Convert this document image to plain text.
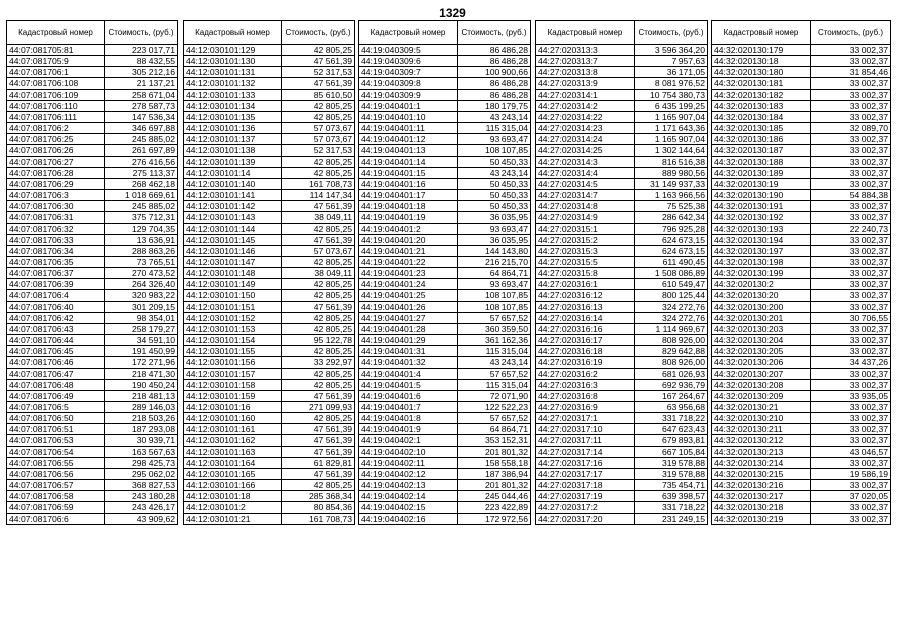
1329
Кадастровый номер	Стоимость, (руб.)
44:07:081705:81	223 017,71
44:07:081705:9	88 432,55
44:07:081706:1	305 212,16
44:07:081706:108	21 137,21
44:07:081706:109	258 671,04
44:07:081706:110	278 587,73
44:07:081706:111	147 536,34
44:07:081706:2	346 697,88
44:07:081706:25	245 885,02
44:07:081706:26	261 697,89
44:07:081706:27	276 416,56
44:07:081706:28	275 113,37
44:07:081706:29	268 462,18
44:07:081706:3	1 018 669,61
44:07:081706:30	245 885,02
44:07:081706:31	375 712,31
44:07:081706:32	129 704,35
44:07:081706:33	13 636,91
44:07:081706:34	288 863,26
44:07:081706:35	73 765,51
44:07:081706:37	270 473,52
44:07:081706:39	264 326,40
44:07:081706:4	320 983,22
44:07:081706:40	301 209,15
44:07:081706:42	98 354,01
44:07:081706:43	258 179,27
44:07:081706:44	34 591,10
44:07:081706:45	191 450,99
44:07:081706:46	172 271,96
44:07:081706:47	218 471,30
44:07:081706:48	190 450,24
44:07:081706:49	218 481,13
44:07:081706:5	289 146,03
44:07:081706:50	218 503,26
44:07:081706:51	187 293,08
44:07:081706:53	30 939,71
44:07:081706:54	163 567,63
44:07:081706:55	298 425,73
44:07:081706:56	295 062,02
44:07:081706:57	368 827,53
44:07:081706:58	243 180,28
44:07:081706:59	243 426,17
44:07:081706:6	43 909,62
Кадастровый номер	Стоимость, (руб.)
44:12:030101:129	42 805,25
44:12:030101:130	47 561,39
44:12:030101:131	52 317,53
44:12:030101:132	47 561,39
44:12:030101:133	85 610,50
44:12:030101:134	42 805,25
44:12:030101:135	42 805,25
44:12:030101:136	57 073,67
44:12:030101:137	57 073,67
44:12:030101:138	52 317,53
44:12:030101:139	42 805,25
44:12:030101:14	42 805,25
44:12:030101:140	161 708,73
44:12:030101:141	114 147,34
44:12:030101:142	47 561,39
44:12:030101:143	38 049,11
44:12:030101:144	42 805,25
44:12:030101:145	47 561,39
44:12:030101:146	57 073,67
44:12:030101:147	42 805,25
44:12:030101:148	38 049,11
44:12:030101:149	42 805,25
44:12:030101:150	42 805,25
44:12:030101:151	47 561,39
44:12:030101:152	42 805,25
44:12:030101:153	42 805,25
44:12:030101:154	95 122,78
44:12:030101:155	42 805,25
44:12:030101:156	33 292,97
44:12:030101:157	42 805,25
44:12:030101:158	42 805,25
44:12:030101:159	47 561,39
44:12:030101:16	271 099,93
44:12:030101:160	42 805,25
44:12:030101:161	47 561,39
44:12:030101:162	47 561,39
44:12:030101:163	47 561,39
44:12:030101:164	61 829,81
44:12:030101:165	47 561,39
44:12:030101:166	42 805,25
44:12:030101:18	285 368,34
44:12:030101:2	80 854,36
44:12:030101:21	161 708,73
Кадастровый номер	Стоимость, (руб.)
44:19:040309:5	86 486,28
44:19:040309:6	86 486,28
44:19:040309:7	100 900,66
44:19:040309:8	86 486,28
44:19:040309:9	86 486,28
44:19:040401:1	180 179,75
44:19:040401:10	43 243,14
44:19:040401:11	115 315,04
44:19:040401:12	93 693,47
44:19:040401:13	108 107,85
44:19:040401:14	50 450,33
44:19:040401:15	43 243,14
44:19:040401:16	50 450,33
44:19:040401:17	50 450,33
44:19:040401:18	50 450,33
44:19:040401:19	36 035,95
44:19:040401:2	93 693,47
44:19:040401:20	36 035,95
44:19:040401:21	144 143,80
44:19:040401:22	216 215,70
44:19:040401:23	64 864,71
44:19:040401:24	93 693,47
44:19:040401:25	108 107,85
44:19:040401:26	108 107,85
44:19:040401:27	57 657,52
44:19:040401:28	360 359,50
44:19:040401:29	361 162,36
44:19:040401:31	115 315,04
44:19:040401:32	43 243,14
44:19:040401:4	57 657,52
44:19:040401:5	115 315,04
44:19:040401:6	72 071,90
44:19:040401:7	122 522,23
44:19:040401:8	57 657,52
44:19:040401:9	64 864,71
44:19:040402:1	353 152,31
44:19:040402:10	201 801,32
44:19:040402:11	158 558,18
44:19:040402:12	187 386,94
44:19:040402:13	201 801,32
44:19:040402:14	245 044,46
44:19:040402:15	223 422,89
44:19:040402:16	172 972,56
Кадастровый номер	Стоимость, (руб.)
44:27:020313:3	3 596 364,20
44:27:020313:7	7 957,63
44:27:020313:8	36 171,05
44:27:020313:9	8 081 976,52
44:27:020314:1	10 754 380,73
44:27:020314:2	6 435 199,25
44:27:020314:22	1 165 907,04
44:27:020314:23	1 171 643,36
44:27:020314:24	1 165 907,04
44:27:020314:25	1 302 144,64
44:27:020314:3	816 516,38
44:27:020314:4	889 980,56
44:27:020314:5	31 149 937,33
44:27:020314:7	1 163 966,56
44:27:020314:8	75 525,38
44:27:020314:9	286 642,34
44:27:020315:1	796 925,28
44:27:020315:2	624 673,15
44:27:020315:3	624 673,15
44:27:020315:5	611 490,45
44:27:020315:8	1 508 086,89
44:27:020316:1	610 549,47
44:27:020316:12	800 125,44
44:27:020316:13	324 272,76
44:27:020316:14	324 272,76
44:27:020316:16	1 114 969,67
44:27:020316:17	808 926,00
44:27:020316:18	829 642,88
44:27:020316:19	808 926,00
44:27:020316:2	681 026,93
44:27:020316:3	692 936,79
44:27:020316:8	167 264,67
44:27:020316:9	63 956,68
44:27:020317:1	331 718,22
44:27:020317:10	647 623,43
44:27:020317:11	679 893,81
44:27:020317:14	667 105,84
44:27:020317:16	319 578,88
44:27:020317:17	319 578,88
44:27:020317:18	735 454,71
44:27:020317:19	639 398,57
44:27:020317:2	331 718,22
44:27:020317:20	231 249,15
Кадастровый номер	Стоимость, (руб.)
44:32:020130:179	33 002,37
44:32:020130:18	33 002,37
44:32:020130:180	31 854,46
44:32:020130:181	33 002,37
44:32:020130:182	33 002,37
44:32:020130:183	33 002,37
44:32:020130:184	33 002,37
44:32:020130:185	32 089,70
44:32:020130:186	33 002,37
44:32:020130:187	33 002,37
44:32:020130:188	33 002,37
44:32:020130:189	33 002,37
44:32:020130:19	33 002,37
44:32:020130:190	54 884,38
44:32:020130:191	33 002,37
44:32:020130:192	33 002,37
44:32:020130:193	22 240,73
44:32:020130:194	33 002,37
44:32:020130:197	33 002,37
44:32:020130:198	33 002,37
44:32:020130:199	33 002,37
44:32:020130:2	33 002,37
44:32:020130:20	33 002,37
44:32:020130:200	33 002,37
44:32:020130:201	30 706,55
44:32:020130:203	33 002,37
44:32:020130:204	33 002,37
44:32:020130:205	33 002,37
44:32:020130:206	34 437,26
44:32:020130:207	33 002,37
44:32:020130:208	33 002,37
44:32:020130:209	33 935,05
44:32:020130:21	33 002,37
44:32:020130:210	33 002,37
44:32:020130:211	33 002,37
44:32:020130:212	33 002,37
44:32:020130:213	43 046,57
44:32:020130:214	33 002,37
44:32:020130:215	19 586,19
44:32:020130:216	33 002,37
44:32:020130:217	37 020,05
44:32:020130:218	33 002,37
44:32:020130:219	33 002,37
